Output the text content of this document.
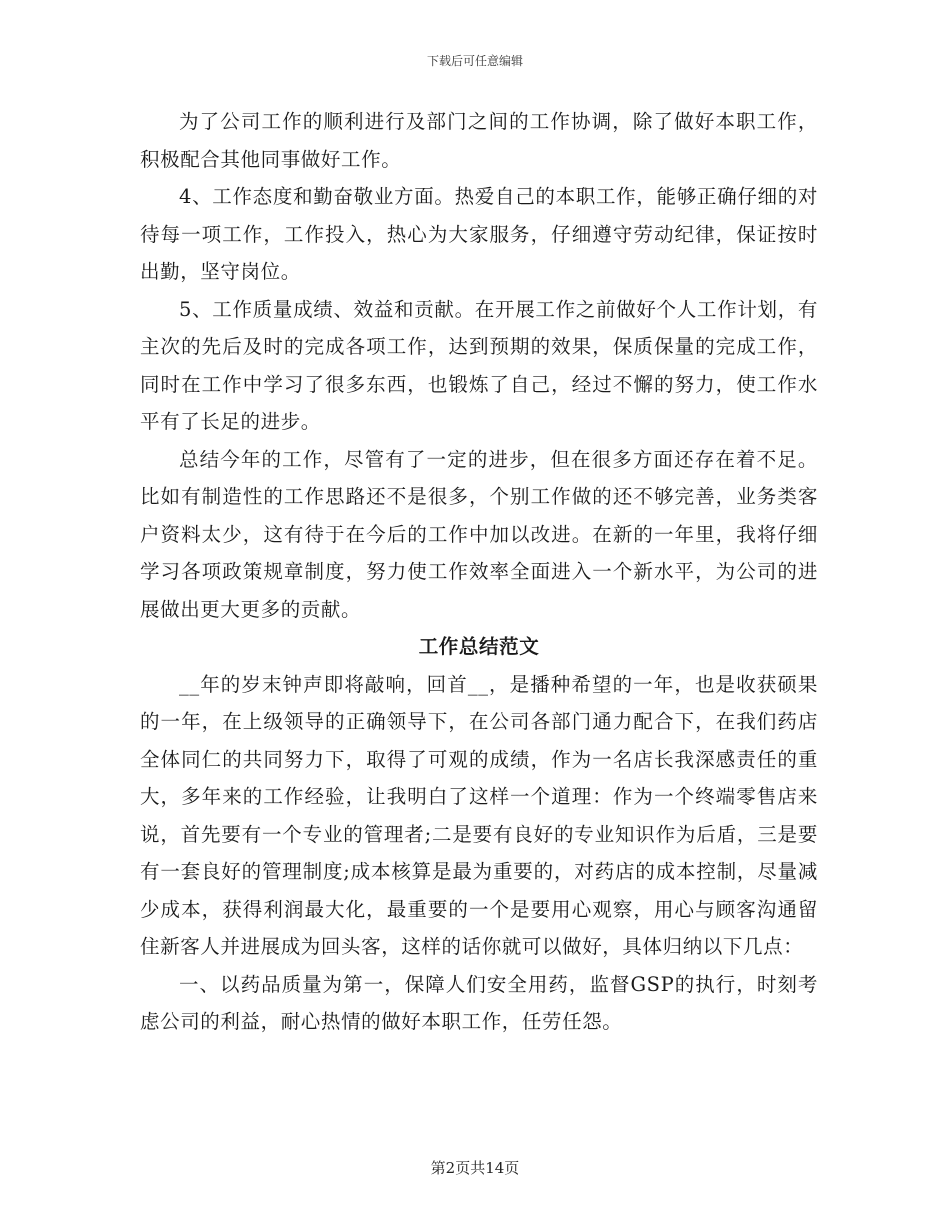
下载后可任意编辑

为了公司工作的顺利进行及部门之间的工作协调，除了做好本职工作，积极配合其他同事做好工作。

4、工作态度和勤奋敬业方面。热爱自己的本职工作，能够正确仔细的对待每一项工作，工作投入，热心为大家服务，仔细遵守劳动纪律，保证按时出勤，坚守岗位。

5、工作质量成绩、效益和贡献。在开展工作之前做好个人工作计划，有主次的先后及时的完成各项工作，达到预期的效果，保质保量的完成工作，同时在工作中学习了很多东西，也锻炼了自己，经过不懈的努力，使工作水平有了长足的进步。

总结今年的工作，尽管有了一定的进步，但在很多方面还存在着不足。比如有制造性的工作思路还不是很多，个别工作做的还不够完善，业务类客户资料太少，这有待于在今后的工作中加以改进。在新的一年里，我将仔细学习各项政策规章制度，努力使工作效率全面进入一个新水平，为公司的进展做出更大更多的贡献。

工作总结范文

__年的岁末钟声即将敲响，回首__，是播种希望的一年，也是收获硕果的一年，在上级领导的正确领导下，在公司各部门通力配合下，在我们药店全体同仁的共同努力下，取得了可观的成绩，作为一名店长我深感责任的重大，多年来的工作经验，让我明白了这样一个道理：作为一个终端零售店来说，首先要有一个专业的管理者;二是要有良好的专业知识作为后盾，三是要有一套良好的管理制度;成本核算是最为重要的，对药店的成本控制，尽量减少成本，获得利润最大化，最重要的一个是要用心观察，用心与顾客沟通留住新客人并进展成为回头客，这样的话你就可以做好，具体归纳以下几点：

一、以药品质量为第一，保障人们安全用药，监督GSP的执行，时刻考虑公司的利益，耐心热情的做好本职工作，任劳任怨。

第2页共14页
